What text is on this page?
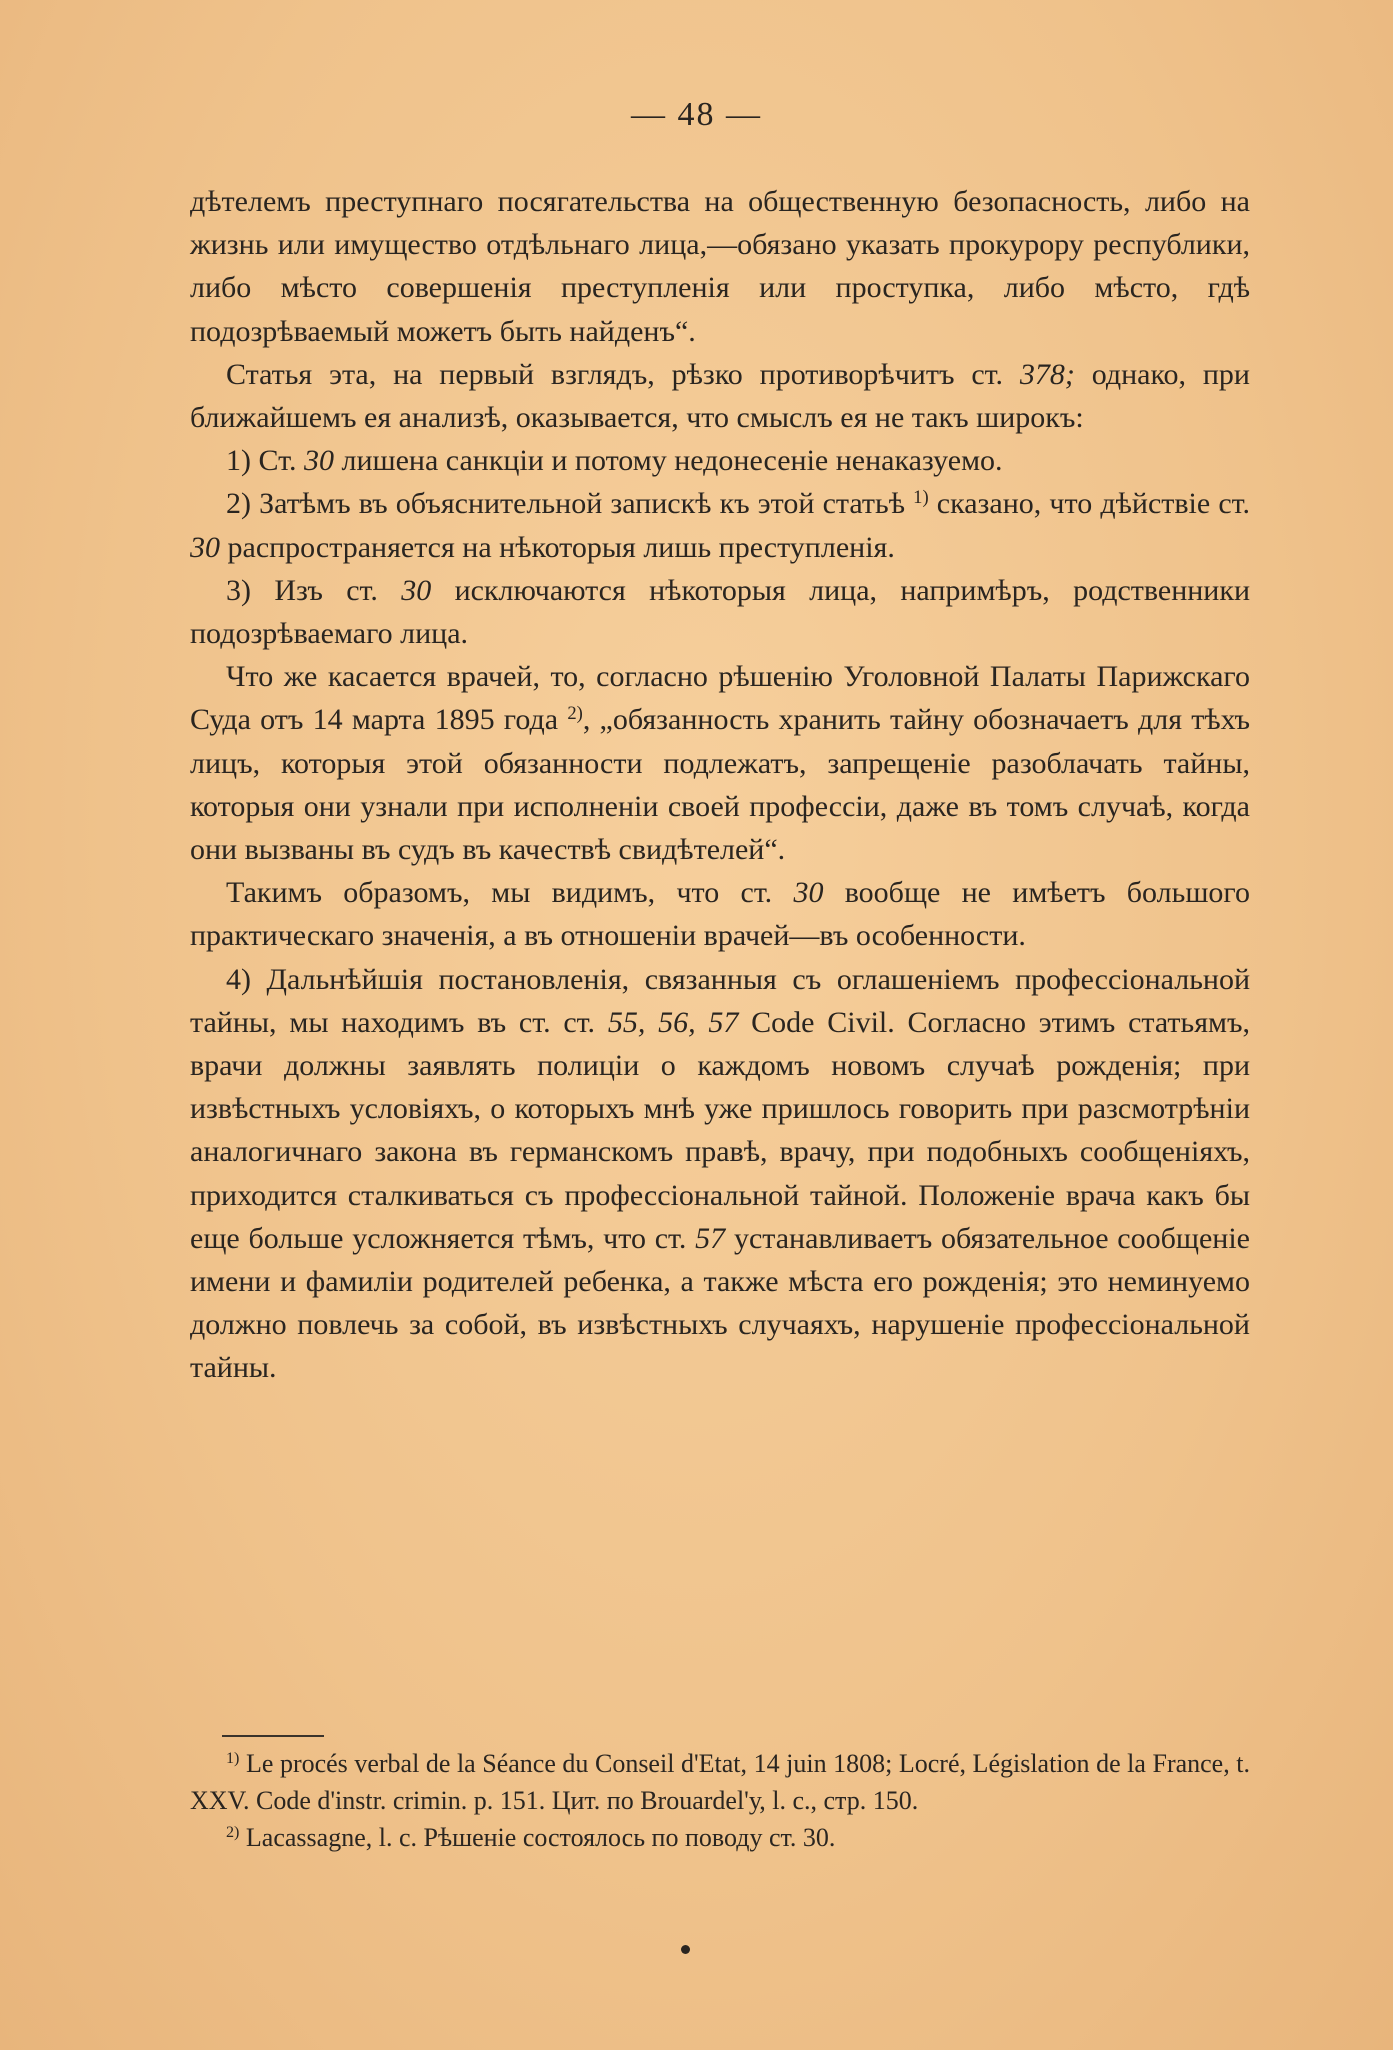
— 48 —

дѣтелемъ преступнаго посягательства на общественную безопасность, либо на жизнь или имущество отдѣльнаго лица,—обязано указать прокурору республики, либо мѣсто совершенія преступленія или проступка, либо мѣсто, гдѣ подозрѣваемый можетъ быть найденъ“.

Статья эта, на первый взглядъ, рѣзко противорѣчитъ ст. 378; однако, при ближайшемъ ея анализѣ, оказывается, что смыслъ ея не такъ широкъ:

1) Ст. 30 лишена санкціи и потому недонесеніе ненаказуемо.

2) Затѣмъ въ объяснительной запискѣ къ этой статьѣ $^{1)}$ сказано, что дѣйствіе ст. 30 распространяется на нѣкоторыя лишь преступленія.

3) Изъ ст. 30 исключаются нѣкоторыя лица, напримѣръ, родственники подозрѣваемаго лица.

Что же касается врачей, то, согласно рѣшенію Уголовной Палаты Парижскаго Суда отъ 14 марта 1895 года $^{2)}$, „обязанность хранить тайну обозначаетъ для тѣхъ лицъ, которыя этой обязанности подлежатъ, запрещеніе разоблачать тайны, которыя они узнали при исполненіи своей профессіи, даже въ томъ случаѣ, когда они вызваны въ судъ въ качествѣ свидѣтелей“.

Такимъ образомъ, мы видимъ, что ст. 30 вообще не имѣетъ большого практическаго значенія, а въ отношеніи врачей—въ особенности.

4) Дальнѣйшія постановленія, связанныя съ оглашеніемъ профессіональной тайны, мы находимъ въ ст. ст. 55, 56, 57 Code Civil. Согласно этимъ статьямъ, врачи должны заявлять полиціи о каждомъ новомъ случаѣ рожденія; при извѣстныхъ условіяхъ, о которыхъ мнѣ уже пришлось говорить при разсмотрѣніи аналогичнаго закона въ германскомъ правѣ, врачу, при подобныхъ сообщеніяхъ, приходится сталкиваться съ профессіональной тайной. Положеніе врача какъ бы еще больше усложняется тѣмъ, что ст. 57 устанавливаетъ обязательное сообщеніе имени и фамиліи родителей ребенка, а также мѣста его рожденія; это неминуемо должно повлечь за собой, въ извѣстныхъ случаяхъ, нарушеніе профессіональной тайны.

$^{1)}$ Le procés verbal de la Séance du Conseil d'Etat, 14 juin 1808; Locré, Législation de la France, t. XXV. Code d'instr. crimin. p. 151. Цит. по Brouardel'у, l. c., стр. 150.

$^{2)}$ Lacassagne, l. c. Рѣшеніе состоялось по поводу ст. 30.
